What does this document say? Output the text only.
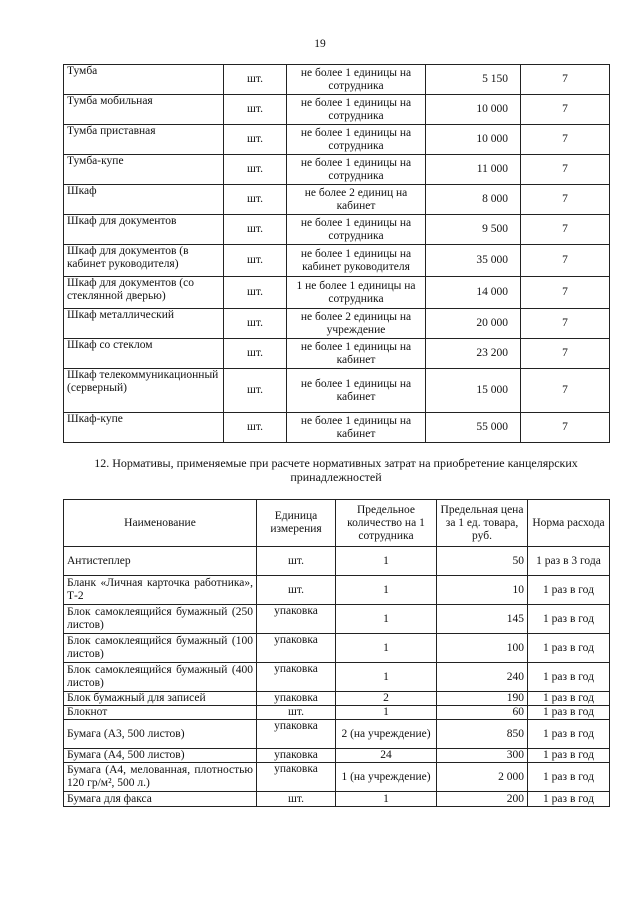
19
Тумба	шт.	не более 1 единицы на сотрудника	5 150	7
Тумба мобильная	шт.	не более 1 единицы на сотрудника	10 000	7
Тумба приставная	шт.	не более 1 единицы на сотрудника	10 000	7
Тумба-купе	шт.	не более 1 единицы на сотрудника	11 000	7
Шкаф	шт.	не более 2 единиц на кабинет	8 000	7
Шкаф для документов	шт.	не более 1 единицы на сотрудника	9 500	7
Шкаф для документов (в кабинет руководителя)	шт.	не более 1 единицы на кабинет руководителя	35 000	7
Шкаф для документов (со стеклянной дверью)	шт.	1 не более 1 единицы на сотрудника	14 000	7
Шкаф металлический	шт.	не более 2 единицы на учреждение	20 000	7
Шкаф со стеклом	шт.	не более 1 единицы на кабинет	23 200	7
Шкаф телекоммуникационный (серверный)	шт.	не более 1 единицы на кабинет	15 000	7
Шкаф-купе	шт.	не более 1 единицы на кабинет	55 000	7
12. Нормативы, применяемые при расчете нормативных затрат на приобретение канцелярских принадлежностей
Наименование	Единица измерения	Предельное количество на 1 сотрудника	Предельная цена за 1 ед. товара, руб.	Норма расхода
Антистеплер	шт.	1	50	1 раз в 3 года
Бланк «Личная карточка работника», Т-2	шт.	1	10	1 раз в год
Блок самоклеящийся бумажный (250 листов)	упаковка	1	145	1 раз в год
Блок самоклеящийся бумажный (100 листов)	упаковка	1	100	1 раз в год
Блок самоклеящийся бумажный (400 листов)	упаковка	1	240	1 раз в год
Блок бумажный для записей	упаковка	2	190	1 раз в год
Блокнот	шт.	1	60	1 раз в год
Бумага (А3, 500 листов)	упаковка	2 (на учреждение)	850	1 раз в год
Бумага (А4, 500 листов)	упаковка	24	300	1 раз в год
Бумага (А4, мелованная, плотностью 120 гр/м², 500 л.)	упаковка	1 (на учреждение)	2 000	1 раз в год
Бумага для факса	шт.	1	200	1 раз в год
